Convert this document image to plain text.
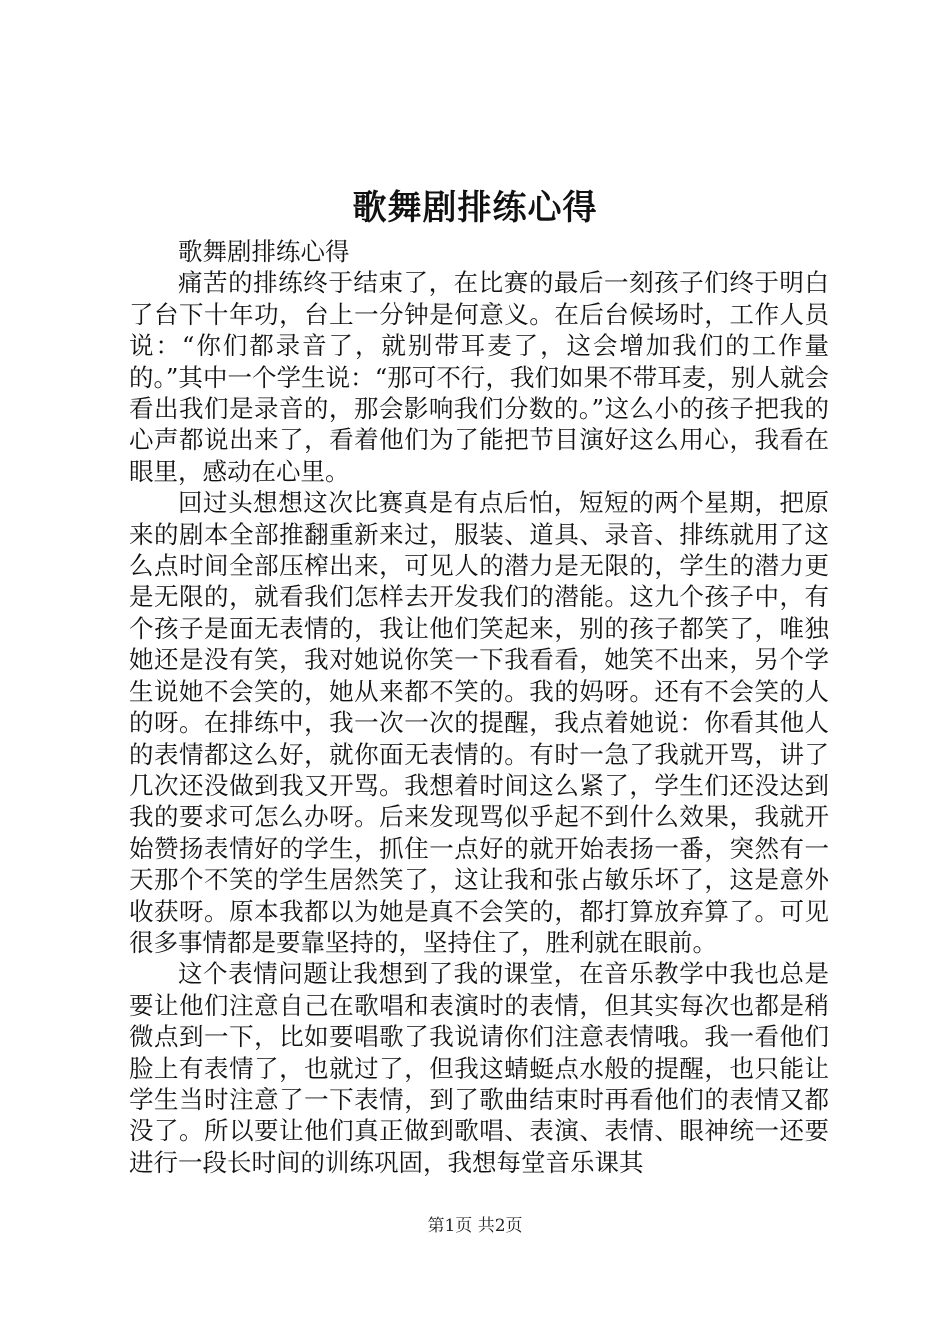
歌舞剧排练心得

歌舞剧排练心得

痛苦的排练终于结束了，在比赛的最后一刻孩子们终于明白了台下十年功，台上一分钟是何意义。在后台候场时，工作人员说：“你们都录音了，就别带耳麦了，这会增加我们的工作量的。”其中一个学生说：“那可不行，我们如果不带耳麦，别人就会看出我们是录音的，那会影响我们分数的。”这么小的孩子把我的心声都说出来了，看着他们为了能把节目演好这么用心，我看在眼里，感动在心里。

回过头想想这次比赛真是有点后怕，短短的两个星期，把原来的剧本全部推翻重新来过，服装、道具、录音、排练就用了这么点时间全部压榨出来，可见人的潜力是无限的，学生的潜力更是无限的，就看我们怎样去开发我们的潜能。这九个孩子中，有个孩子是面无表情的，我让他们笑起来，别的孩子都笑了，唯独她还是没有笑，我对她说你笑一下我看看，她笑不出来，另个学生说她不会笑的，她从来都不笑的。我的妈呀。还有不会笑的人的呀。在排练中，我一次一次的提醒，我点着她说：你看其他人的表情都这么好，就你面无表情的。有时一急了我就开骂，讲了几次还没做到我又开骂。我想着时间这么紧了，学生们还没达到我的要求可怎么办呀。后来发现骂似乎起不到什么效果，我就开始赞扬表情好的学生，抓住一点好的就开始表扬一番，突然有一天那个不笑的学生居然笑了，这让我和张占敏乐坏了，这是意外收获呀。原本我都以为她是真不会笑的，都打算放弃算了。可见很多事情都是要靠坚持的，坚持住了，胜利就在眼前。

这个表情问题让我想到了我的课堂，在音乐教学中我也总是要让他们注意自己在歌唱和表演时的表情，但其实每次也都是稍微点到一下，比如要唱歌了我说请你们注意表情哦。我一看他们脸上有表情了，也就过了，但我这蜻蜓点水般的提醒，也只能让学生当时注意了一下表情，到了歌曲结束时再看他们的表情又都没了。所以要让他们真正做到歌唱、表演、表情、眼神统一还要进行一段长时间的训练巩固，我想每堂音乐课其

第1页 共2页
